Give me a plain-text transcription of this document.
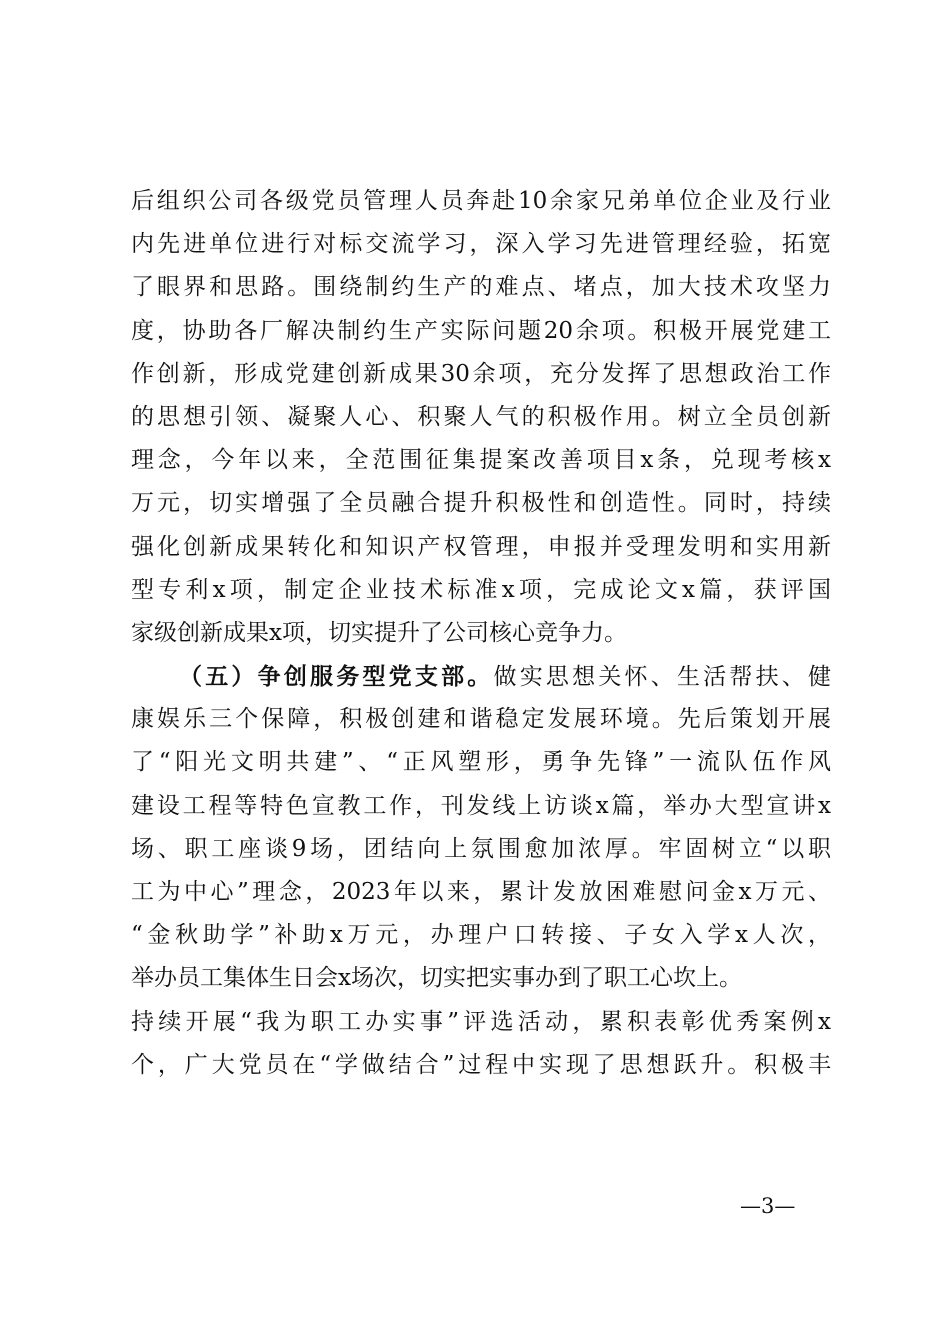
后组织公司各级党员管理人员奔赴10余家兄弟单位企业及行业
内先进单位进行对标交流学习，深入学习先进管理经验，拓宽
了眼界和思路。围绕制约生产的难点、堵点，加大技术攻坚力
度，协助各厂解决制约生产实际问题20余项。积极开展党建工
作创新，形成党建创新成果30余项，充分发挥了思想政治工作
的思想引领、凝聚人心、积聚人气的积极作用。树立全员创新
理念，今年以来，全范围征集提案改善项目x条，兑现考核x
万元，切实增强了全员融合提升积极性和创造性。同时，持续
强化创新成果转化和知识产权管理，申报并受理发明和实用新
型专利x项，制定企业技术标准x项，完成论文x篇，获评国
家级创新成果x项，切实提升了公司核心竞争力。
（五）争创服务型党支部。做实思想关怀、生活帮扶、健
康娱乐三个保障，积极创建和谐稳定发展环境。先后策划开展
了“阳光文明共建”、“正风塑形，勇争先锋”一流队伍作风
建设工程等特色宣教工作，刊发线上访谈x篇，举办大型宣讲x
场、职工座谈9场，团结向上氛围愈加浓厚。牢固树立“以职
工为中心”理念，2023年以来，累计发放困难慰问金x万元、
“金秋助学”补助x万元，办理户口转接、子女入学x人次，
举办员工集体生日会x场次，切实把实事办到了职工心坎上。
持续开展“我为职工办实事”评选活动，累积表彰优秀案例x
个，广大党员在“学做结合”过程中实现了思想跃升。积极丰
—3—
